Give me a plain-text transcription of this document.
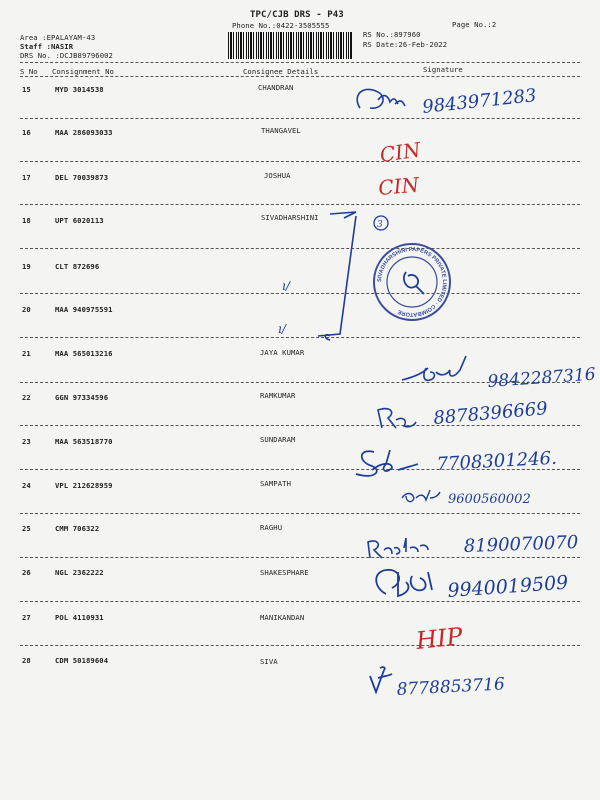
TPC/CJB DRS - P43
Phone No.:0422-3505555	Page No.:2
Area :EPALAYAM-43
Staff :NASIR
DRS No. :DCJB89796002
RS No.:897960
RS Date:26-Feb-2022
S No Consignment No	Consignee Details	Signature
15	MYD 3014538	CHANDRAN
16	MAA 286093033	THANGAVEL
17	DEL 70039873	JOSHUA
18	UPT 6020113	SIVADHARSHINI
19	CLT 872696
20	MAA 940975591
21	MAA 565013216	JAYA KUMAR
22	GGN 97334596	RAMKUMAR
23	MAA 563518770	SUNDARAM
24	VPL 212628959	SAMPATH
25	CMM 706322	RAGHU
26	NGL 2362222	SHAKESPHARE
27	POL 4110931	MANIKANDAN
28	CDM 50189604	SIVA
9843971283
CIN
CIN
3
ı/
ı/
SIVADHARSHINI PAPERS PRIVATE LIMITED · COIMBATORE
9842287316
8878396669
7708301246.
9600560002
8190070070
9940019509
HIP
8778853716
